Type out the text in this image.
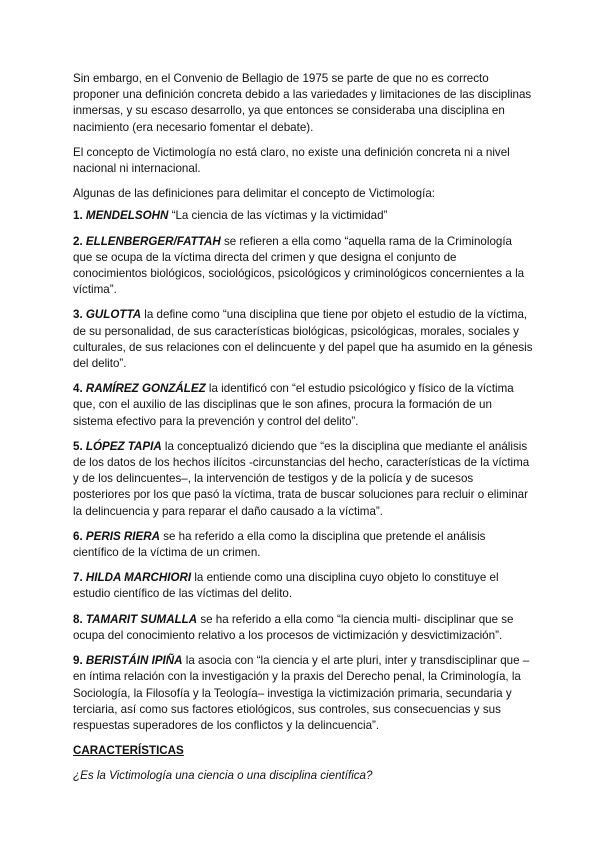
Sin embargo, en el Convenio de Bellagio de 1975 se parte de que no es correcto proponer una definición concreta debido a las variedades y limitaciones de las disciplinas inmersas, y su escaso desarrollo, ya que entonces se consideraba una disciplina en nacimiento (era necesario fomentar el debate).

El concepto de Victimología no está claro, no existe una definición concreta ni a nivel nacional ni internacional.

Algunas de las definiciones para delimitar el concepto de Victimología:

1. MENDELSOHN “La ciencia de las víctimas y la victimidad”

2. ELLENBERGER/FATTAH se refieren a ella como “aquella rama de la Criminología que se ocupa de la víctima directa del crimen y que designa el conjunto de conocimientos biológicos, sociológicos, psicológicos y criminológicos concernientes a la víctima”.

3. GULOTTA la define como “una disciplina que tiene por objeto el estudio de la víctima, de su personalidad, de sus características biológicas, psicológicas, morales, sociales y culturales, de sus relaciones con el delincuente y del papel que ha asumido en la génesis del delito”.

4. RAMÍREZ GONZÁLEZ la identificó con “el estudio psicológico y físico de la víctima que, con el auxilio de las disciplinas que le son afines, procura la formación de un sistema efectivo para la prevención y control del delito”.

5. LÓPEZ TAPIA la conceptualizó diciendo que “es la disciplina que mediante el análisis de los datos de los hechos ilícitos -circunstancias del hecho, características de la víctima y de los delincuentes–, la intervención de testigos y de la policía y de sucesos posteriores por los que pasó la víctima, trata de buscar soluciones para recluir o eliminar la delincuencia y para reparar el daño causado a la víctima”.

6. PERIS RIERA se ha referido a ella como la disciplina que pretende el análisis científico de la víctima de un crimen.

7. HILDA MARCHIORI la entiende como una disciplina cuyo objeto lo constituye el estudio científico de las víctimas del delito.

8. TAMARIT SUMALLA se ha referido a ella como “la ciencia multi- disciplinar que se ocupa del conocimiento relativo a los procesos de victimización y desvictimización”.

9. BERISTÁIN IPIÑA la asocia con “la ciencia y el arte pluri, inter y transdisciplinar que –en íntima relación con la investigación y la praxis del Derecho penal, la Criminología, la Sociología, la Filosofía y la Teología– investiga la victimización primaria, secundaria y terciaria, así como sus factores etiológicos, sus controles, sus consecuencias y sus respuestas superadores de los conflictos y la delincuencia”.

CARACTERÍSTICAS

¿Es la Victimología una ciencia o una disciplina científica?
